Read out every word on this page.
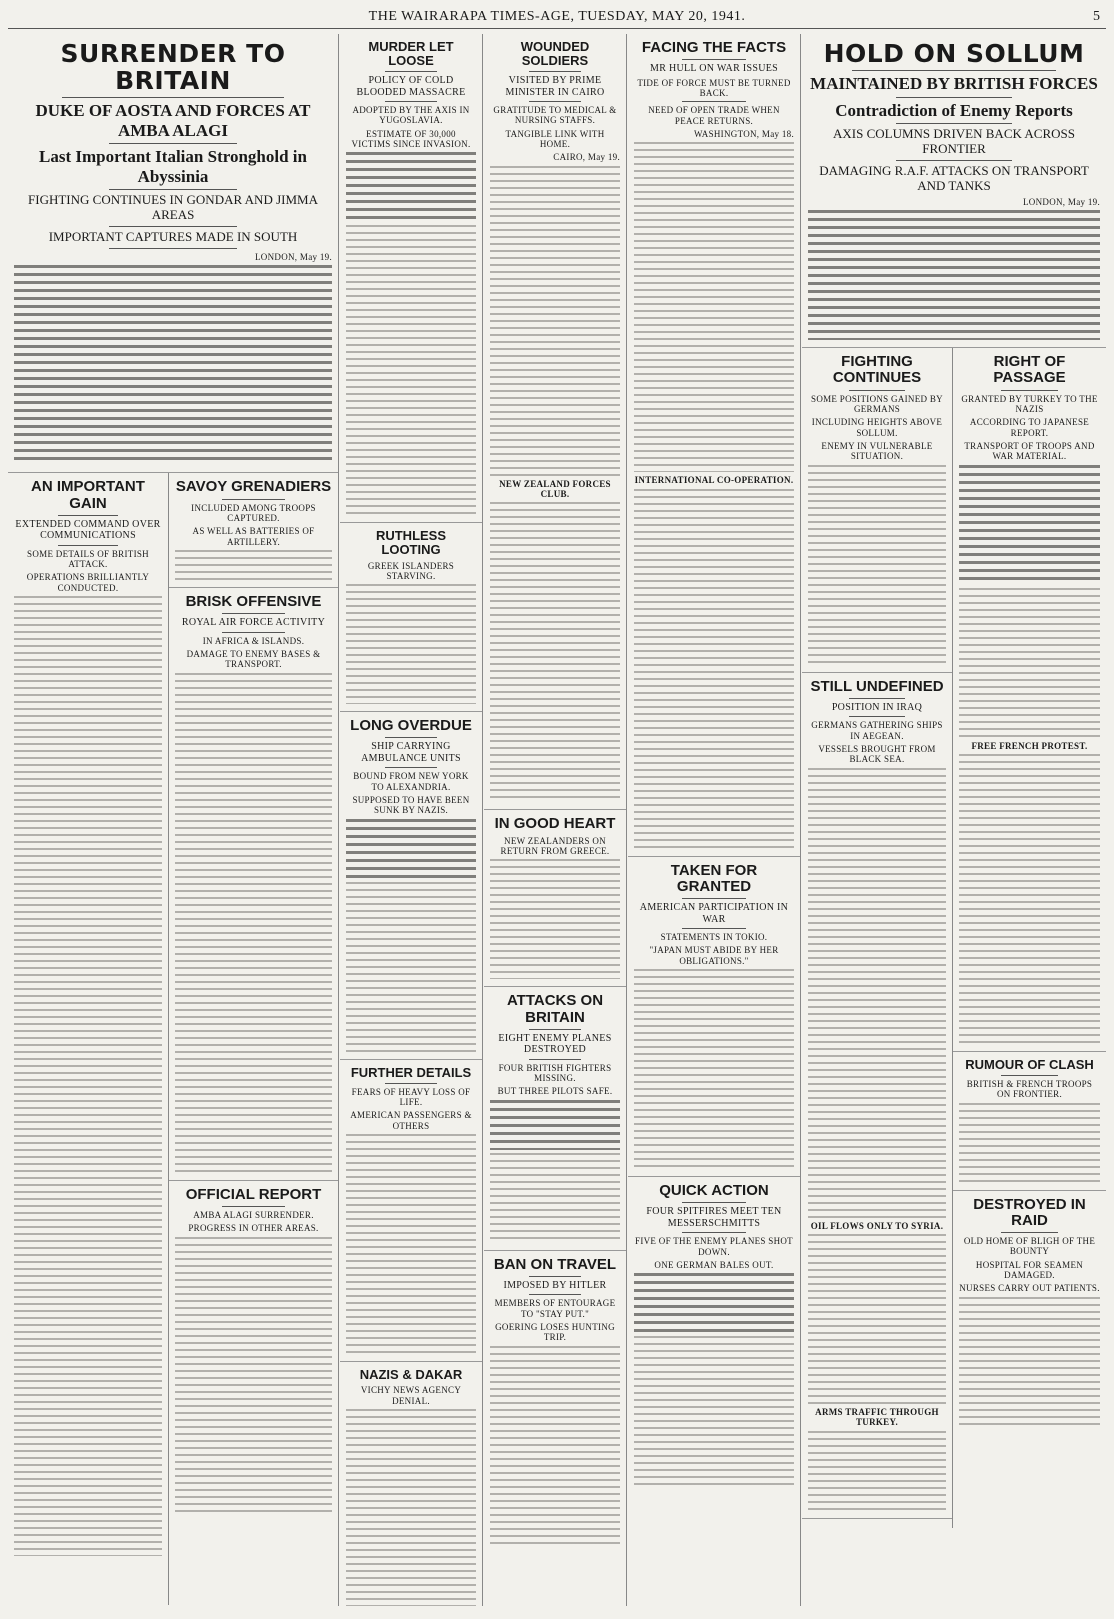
THE WAIRARAPA TIMES-AGE, TUESDAY, MAY 20, 1941.	5
SURRENDER TO BRITAIN
DUKE OF AOSTA AND FORCES AT AMBA ALAGI
Last Important Italian Stronghold in Abyssinia
FIGHTING CONTINUES IN GONDAR AND JIMMA AREAS
IMPORTANT CAPTURES MADE IN SOUTH
LONDON, May 19.
AN IMPORTANT GAIN
EXTENDED COMMAND OVER COMMUNICATIONS
SOME DETAILS OF BRITISH ATTACK.
OPERATIONS BRILLIANTLY CONDUCTED.
SAVOY GRENADIERS
INCLUDED AMONG TROOPS CAPTURED.
AS WELL AS BATTERIES OF ARTILLERY.
BRISK OFFENSIVE
ROYAL AIR FORCE ACTIVITY
IN AFRICA & ISLANDS.
DAMAGE TO ENEMY BASES & TRANSPORT.
OFFICIAL REPORT
AMBA ALAGI SURRENDER.
PROGRESS IN OTHER AREAS.
MURDER LET LOOSE
POLICY OF COLD BLOODED MASSACRE
ADOPTED BY THE AXIS IN YUGOSLAVIA.
ESTIMATE OF 30,000 VICTIMS SINCE INVASION.
RUTHLESS LOOTING
GREEK ISLANDERS STARVING.
LONG OVERDUE
SHIP CARRYING AMBULANCE UNITS
BOUND FROM NEW YORK TO ALEXANDRIA.
SUPPOSED TO HAVE BEEN SUNK BY NAZIS.
FURTHER DETAILS
FEARS OF HEAVY LOSS OF LIFE.
AMERICAN PASSENGERS & OTHERS
NAZIS & DAKAR
VICHY NEWS AGENCY DENIAL.
WOUNDED SOLDIERS
VISITED BY PRIME MINISTER IN CAIRO
GRATITUDE TO MEDICAL & NURSING STAFFS.
TANGIBLE LINK WITH HOME.
CAIRO, May 19.
NEW ZEALAND FORCES CLUB.
IN GOOD HEART
NEW ZEALANDERS ON RETURN FROM GREECE.
ATTACKS ON BRITAIN
EIGHT ENEMY PLANES DESTROYED
FOUR BRITISH FIGHTERS MISSING.
BUT THREE PILOTS SAFE.
BAN ON TRAVEL
IMPOSED BY HITLER
MEMBERS OF ENTOURAGE TO "STAY PUT."
GOERING LOSES HUNTING TRIP.
FACING THE FACTS
MR HULL ON WAR ISSUES
TIDE OF FORCE MUST BE TURNED BACK.
NEED OF OPEN TRADE WHEN PEACE RETURNS.
WASHINGTON, May 18.
INTERNATIONAL CO-OPERATION.
TAKEN FOR GRANTED
AMERICAN PARTICIPATION IN WAR
STATEMENTS IN TOKIO.
"JAPAN MUST ABIDE BY HER OBLIGATIONS."
QUICK ACTION
FOUR SPITFIRES MEET TEN MESSERSCHMITTS
FIVE OF THE ENEMY PLANES SHOT DOWN.
ONE GERMAN BALES OUT.
HOLD ON SOLLUM
MAINTAINED BY BRITISH FORCES
Contradiction of Enemy Reports
AXIS COLUMNS DRIVEN BACK ACROSS FRONTIER
DAMAGING R.A.F. ATTACKS ON TRANSPORT AND TANKS
LONDON, May 19.
FIGHTING CONTINUES
SOME POSITIONS GAINED BY GERMANS
INCLUDING HEIGHTS ABOVE SOLLUM.
ENEMY IN VULNERABLE SITUATION.
STILL UNDEFINED
POSITION IN IRAQ
GERMANS GATHERING SHIPS IN AEGEAN.
VESSELS BROUGHT FROM BLACK SEA.
OIL FLOWS ONLY TO SYRIA.
ARMS TRAFFIC THROUGH TURKEY.
RIGHT OF PASSAGE
GRANTED BY TURKEY TO THE NAZIS
ACCORDING TO JAPANESE REPORT.
TRANSPORT OF TROOPS AND WAR MATERIAL.
FREE FRENCH PROTEST.
RUMOUR OF CLASH
BRITISH & FRENCH TROOPS ON FRONTIER.
DESTROYED IN RAID
OLD HOME OF BLIGH OF THE BOUNTY
HOSPITAL FOR SEAMEN DAMAGED.
NURSES CARRY OUT PATIENTS.
